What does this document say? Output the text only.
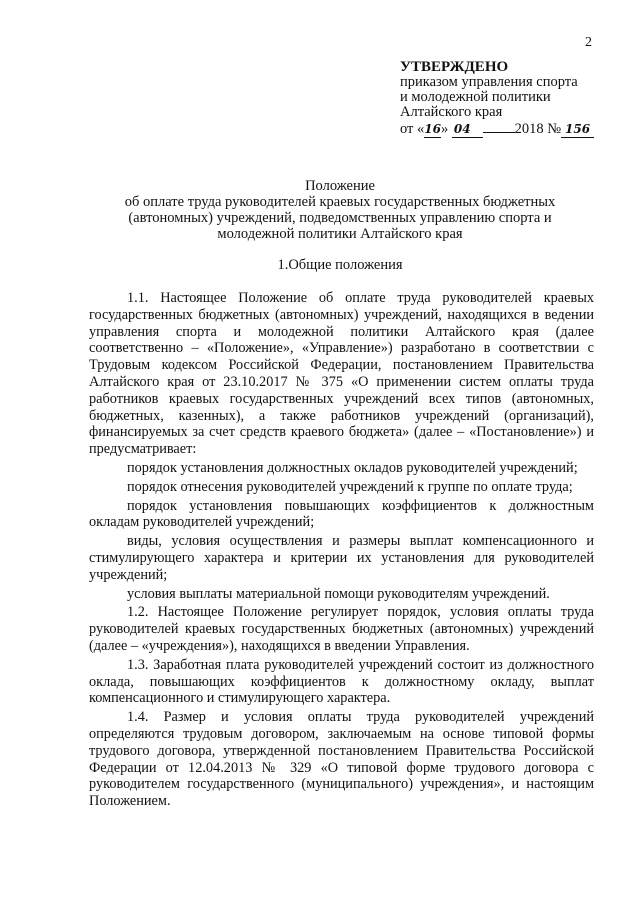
2
УТВЕРЖДЕНО
приказом управления спорта
и молодежной политики
Алтайского края
от «16» 04	2018 № 156
Положение
об оплате труда руководителей краевых государственных бюджетных
(автономных) учреждений, подведомственных управлению спорта и
молодежной политики Алтайского края
1.Общие положения

1.1. Настоящее Положение об оплате труда руководителей краевых государственных бюджетных (автономных) учреждений, находящихся в ведении управления спорта и молодежной политики Алтайского края (далее соответственно – «Положение», «Управление») разработано в соответствии с Трудовым кодексом Российской Федерации, постановлением Правительства Алтайского края от 23.10.2017 № 375 «О применении систем оплаты труда работников краевых государственных учреждений всех типов (автономных, бюджетных, казенных), а также работников учреждений (организаций), финансируемых за счет средств краевого бюджета» (далее – «Постановление») и предусматривает:

порядок установления должностных окладов руководителей учреждений;

порядок отнесения руководителей учреждений к группе по оплате труда;

порядок установления повышающих коэффициентов к должностным окладам руководителей учреждений;

виды, условия осуществления и размеры выплат компенсационного и стимулирующего характера и критерии их установления для руководителей учреждений;

условия выплаты материальной помощи руководителям учреждений.

1.2. Настоящее Положение регулирует порядок, условия оплаты труда руководителей краевых государственных бюджетных (автономных) учреждений (далее – «учреждения»), находящихся в введении Управления.

1.3. Заработная плата руководителей учреждений состоит из должностного оклада, повышающих коэффициентов к должностному окладу, выплат компенсационного и стимулирующего характера.

1.4. Размер и условия оплаты труда руководителей учреждений определяются трудовым договором, заключаемым на основе типовой формы трудового договора, утвержденной постановлением Правительства Российской Федерации от 12.04.2013 № 329 «О типовой форме трудового договора с руководителем государственного (муниципального) учреждения», и настоящим Положением.
